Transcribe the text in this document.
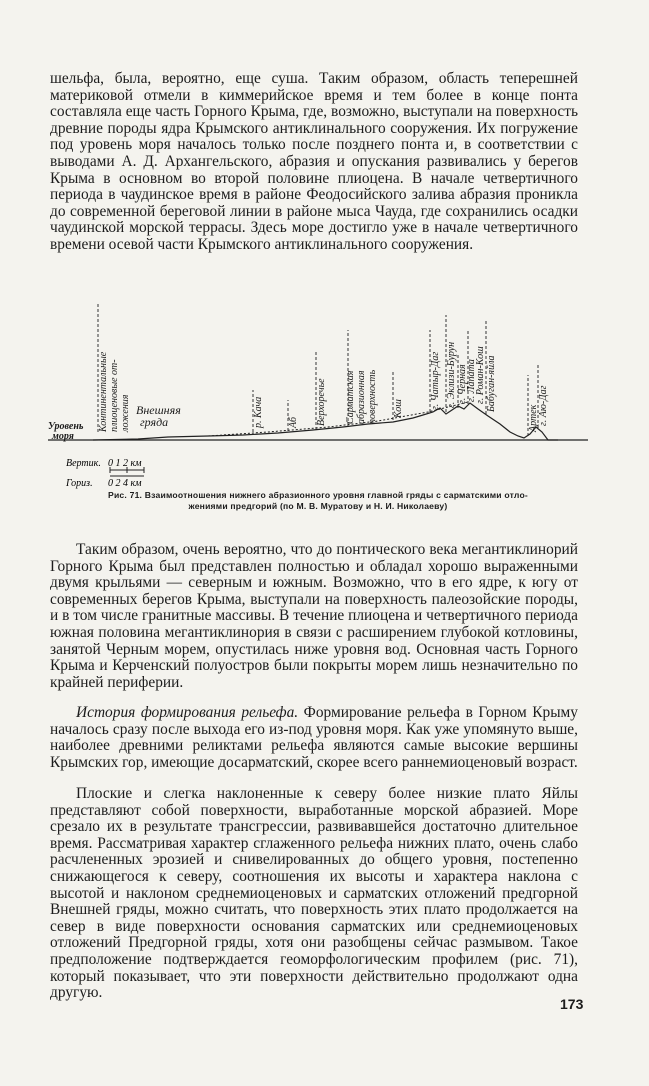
шельфа, была, вероятно, еще суша. Таким образом, область теперешней материковой отмели в киммерийское время и тем более в конце понта составляла еще часть Горного Крыма, где, возможно, выступали на поверхность древние породы ядра Крымского антиклинального сооружения. Их погружение под уровень моря началось только после позднего понта и, в соответствии с выводами А. Д. Архангельского, абразия и опускания развивались у берегов Крыма в основном во второй половине плиоцена. В начале четвертичного периода в чаудинское время в районе Феодосийского залива абразия проникла до современной береговой линии в районе мыса Чауда, где сохранились осадки чаудинской морской террасы. Здесь море достигло уже в начале четвертичного времени осевой части Крымского антиклинального сооружения.

Континентальные плиоценовые от- ложения Внешняя
гряда
Уровень
моря
р. Кача Аб Верхоречье Сарматская абразионная поверхность Кош	г. Чатыр-Даг г. Эклизи-Бурун г. Черная
г. Лапата
г. Роман-Кош Бабуган-яйла
Артек г. Аю-Даг
Вертик. 0 1 2 км
Гориз. 0 2 4 км
Рис. 71. Взаимоотношения нижнего абразионного уровня главной гряды с сарматскими отло-
жениями предгорий (по М. В. Муратову и Н. И. Николаеву)

Таким образом, очень вероятно, что до понтического века мегантиклинорий Горного Крыма был представлен полностью и обладал хорошо выраженными двумя крыльями — северным и южным. Возможно, что в его ядре, к югу от современных берегов Крыма, выступали на поверхность палеозойские породы, и в том числе гранитные массивы. В течение плиоцена и четвертичного периода южная половина мегантиклинория в связи с расширением глубокой котловины, занятой Черным морем, опустилась ниже уровня вод. Основная часть Горного Крыма и Керченский полуостров были покрыты морем лишь незначительно по крайней периферии.

История формирования рельефа. Формирование рельефа в Горном Крыму началось сразу после выхода его из-под уровня моря. Как уже упомянуто выше, наиболее древними реликтами рельефа являются самые высокие вершины Крымских гор, имеющие досарматский, скорее всего раннемиоценовый возраст.

Плоские и слегка наклоненные к северу более низкие плато Яйлы представляют собой поверхности, выработанные морской абразией. Море срезало их в результате трансгрессии, развивавшейся достаточно длительное время. Рассматривая характер сглаженного рельефа нижних плато, очень слабо расчлененных эрозией и снивелированных до общего уровня, постепенно снижающегося к северу, соотношения их высоты и характера наклона с высотой и наклоном среднемиоценовых и сарматских отложений предгорной Внешней гряды, можно считать, что поверхность этих плато продолжается на север в виде поверхности основания сарматских или среднемиоценовых отложений Предгорной гряды, хотя они разобщены сейчас размывом. Такое предположение подтверждается геоморфологическим профилем (рис. 71), который показывает, что эти поверхности действительно продолжают одна другую.

173
